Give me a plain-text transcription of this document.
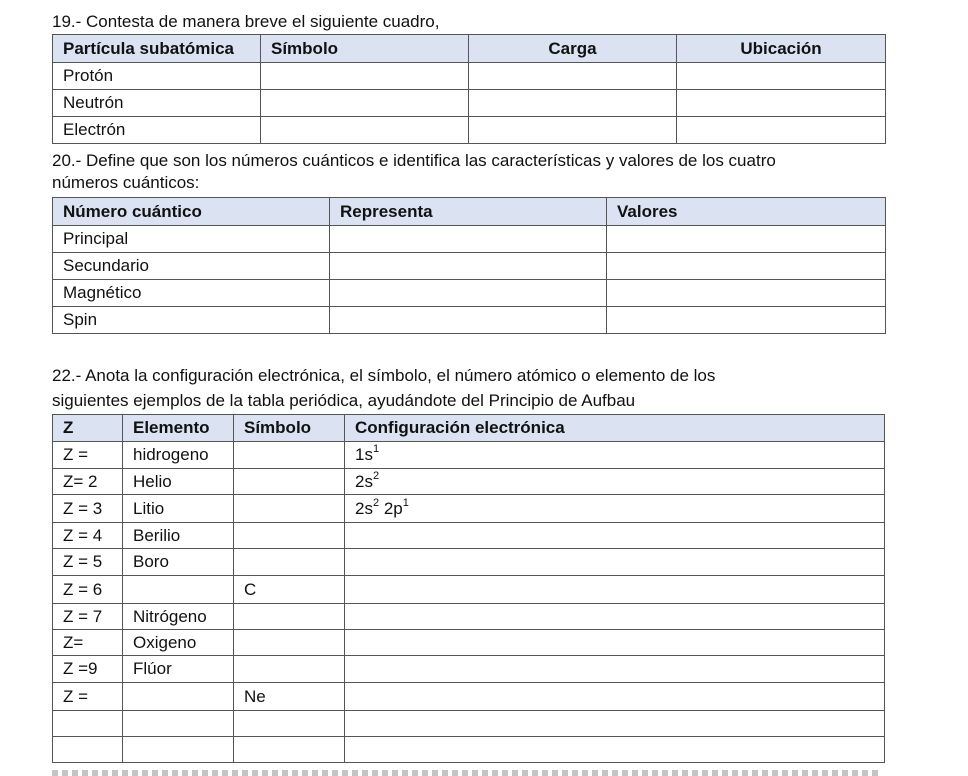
19.- Contesta de manera breve el siguiente cuadro,

Partícula subatómica	Símbolo	Carga	Ubicación
Protón			
Neutrón			
Electrón			

20.- Define que son los números cuánticos e identifica las características y valores de los cuatro

números cuánticos:

Número cuántico	Representa	Valores
Principal		
Secundario		
Magnético		
Spin		

22.- Anota la configuración electrónica, el símbolo, el número atómico o elemento de los

siguientes ejemplos de la tabla periódica, ayudándote del Principio de Aufbau

Z	Elemento	Símbolo	Configuración electrónica
Z =	hidrogeno		$1s^1$
Z= 2	Helio		$2s^2$
Z = 3	Litio		$2s^2$ $2p^1$
Z = 4	Berilio		
Z = 5	Boro		
Z = 6		C	
Z = 7	Nitrógeno		
Z=	Oxigeno		
Z =9	Flúor		
Z =		Ne	
